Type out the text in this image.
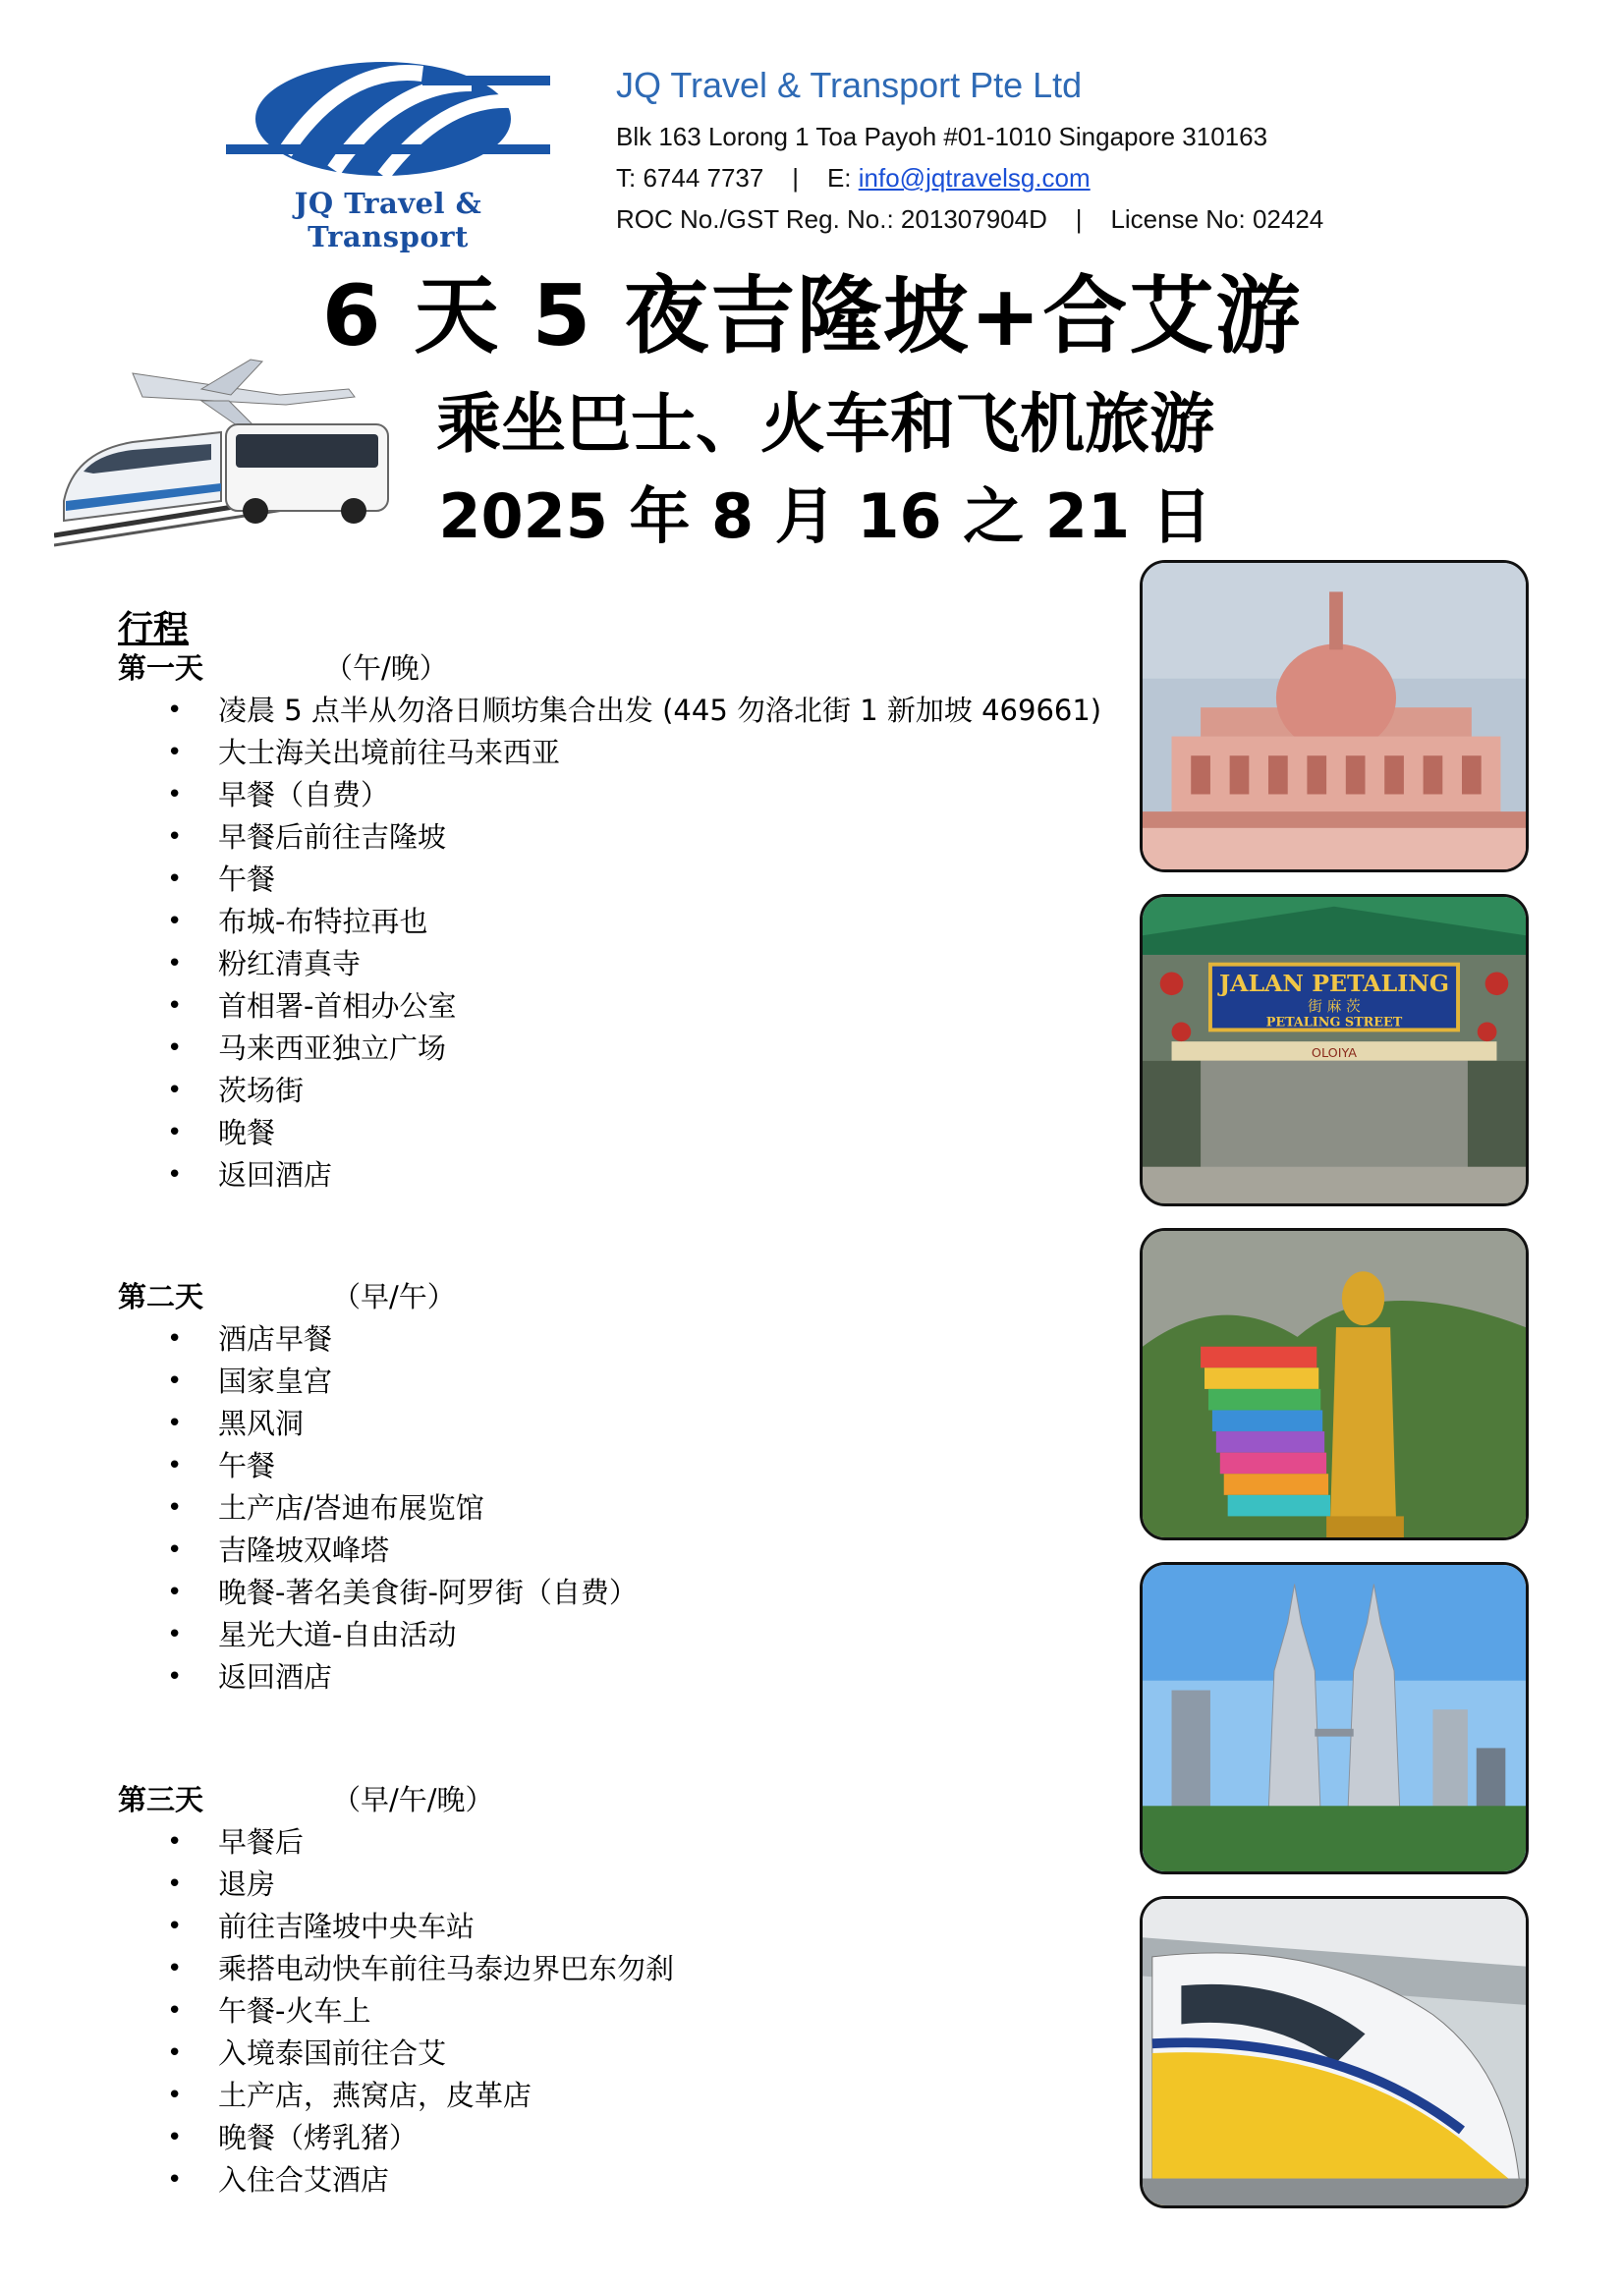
JQ Travel & Transport
JQ Travel & Transport Pte Ltd
Blk 163 Lorong 1 Toa Payoh #01-1010 Singapore 310163
T: 6744 7737 | E: info@jqtravelsg.com
ROC No./GST Reg. No.: 201307904D | License No: 02424
6 天 5 夜吉隆坡+合艾游
乘坐巴士、火车和飞机旅游
2025 年 8 月 16 之 21 日
行程
第一天	（午/晚）
• 凌晨 5 点半从勿洛日顺坊集合出发 (445 勿洛北街 1 新加坡 469661)
• 大士海关出境前往马来西亚
• 早餐（自费）
• 早餐后前往吉隆坡
• 午餐
• 布城-布特拉再也
• 粉红清真寺
• 首相署-首相办公室
• 马来西亚独立广场
• 茨场街
• 晚餐
• 返回酒店
第二天	（早/午）
• 酒店早餐
• 国家皇宫
• 黑风洞
• 午餐
• 土产店/峇迪布展览馆
• 吉隆坡双峰塔
• 晚餐-著名美食街-阿罗街（自费）
• 星光大道-自由活动
• 返回酒店
第三天	（早/午/晚）
• 早餐后
• 退房
• 前往吉隆坡中央车站
• 乘搭电动快车前往马泰边界巴东勿刹
• 午餐-火车上
• 入境泰国前往合艾
• 土产店，燕窝店，皮革店
• 晚餐（烤乳猪）
• 入住合艾酒店
JALAN PETALING
街 麻 茨
PETALING STREET
OLOIYA
